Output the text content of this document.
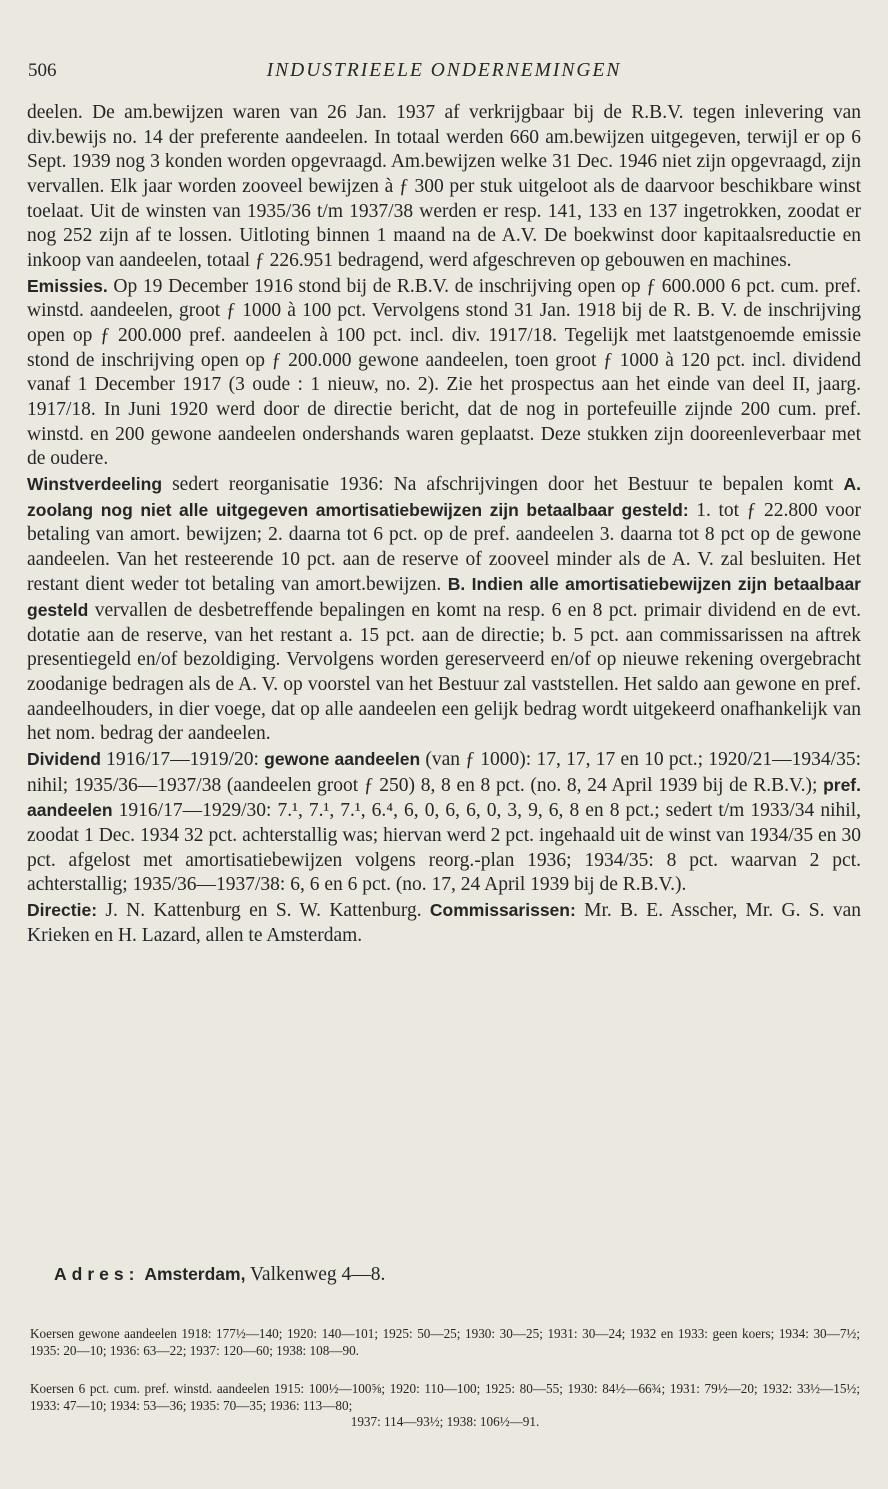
506	INDUSTRIEELE ONDERNEMINGEN

deelen. De am.bewijzen waren van 26 Jan. 1937 af verkrijgbaar bij de R.B.V. tegen inlevering van div.bewijs no. 14 der preferente aandeelen. In totaal werden 660 am.bewijzen uitgegeven, terwijl er op 6 Sept. 1939 nog 3 konden worden opgevraagd. Am.bewijzen welke 31 Dec. 1946 niet zijn opgevraagd, zijn vervallen. Elk jaar worden zooveel bewijzen à ƒ 300 per stuk uitgeloot als de daarvoor beschikbare winst toelaat. Uit de winsten van 1935/36 t/m 1937/38 werden er resp. 141, 133 en 137 ingetrokken, zoodat er nog 252 zijn af te lossen. Uitloting binnen 1 maand na de A.V. De boekwinst door kapitaalsreductie en inkoop van aandeelen, totaal ƒ 226.951 bedragend, werd afgeschreven op gebouwen en machines.

Emissies. Op 19 December 1916 stond bij de R.B.V. de inschrijving open op ƒ 600.000 6 pct. cum. pref. winstd. aandeelen, groot ƒ 1000 à 100 pct. Vervolgens stond 31 Jan. 1918 bij de R. B. V. de inschrijving open op ƒ 200.000 pref. aandeelen à 100 pct. incl. div. 1917/18. Tegelijk met laatstgenoemde emissie stond de inschrijving open op ƒ 200.000 gewone aandeelen, toen groot ƒ 1000 à 120 pct. incl. dividend vanaf 1 December 1917 (3 oude : 1 nieuw, no. 2). Zie het prospectus aan het einde van deel II, jaarg. 1917/18. In Juni 1920 werd door de directie bericht, dat de nog in portefeuille zijnde 200 cum. pref. winstd. en 200 gewone aandeelen ondershands waren geplaatst. Deze stukken zijn dooreenleverbaar met de oudere.

Winstverdeeling sedert reorganisatie 1936: Na afschrijvingen door het Bestuur te bepalen komt A. zoolang nog niet alle uitgegeven amortisatiebewijzen zijn betaalbaar gesteld: 1. tot ƒ 22.800 voor betaling van amort. bewijzen; 2. daarna tot 6 pct. op de pref. aandeelen 3. daarna tot 8 pct op de gewone aandeelen. Van het resteerende 10 pct. aan de reserve of zooveel minder als de A. V. zal besluiten. Het restant dient weder tot betaling van amort.bewijzen. B. Indien alle amortisatiebewijzen zijn betaalbaar gesteld vervallen de desbetreffende bepalingen en komt na resp. 6 en 8 pct. primair dividend en de evt. dotatie aan de reserve, van het restant a. 15 pct. aan de directie; b. 5 pct. aan commissarissen na aftrek presentiegeld en/of bezoldiging. Vervolgens worden gereserveerd en/of op nieuwe rekening overgebracht zoodanige bedragen als de A. V. op voorstel van het Bestuur zal vaststellen. Het saldo aan gewone en pref. aandeelhouders, in dier voege, dat op alle aandeelen een gelijk bedrag wordt uitgekeerd onafhankelijk van het nom. bedrag der aandeelen.

Dividend 1916/17—1919/20: gewone aandeelen (van ƒ 1000): 17, 17, 17 en 10 pct.; 1920/21—1934/35: nihil; 1935/36—1937/38 (aandeelen groot ƒ 250) 8, 8 en 8 pct. (no. 8, 24 April 1939 bij de R.B.V.); pref. aandeelen 1916/17—1929/30: 7.¹, 7.¹, 7.¹, 6.⁴, 6, 0, 6, 6, 0, 3, 9, 6, 8 en 8 pct.; sedert t/m 1933/34 nihil, zoodat 1 Dec. 1934 32 pct. achterstallig was; hiervan werd 2 pct. ingehaald uit de winst van 1934/35 en 30 pct. afgelost met amortisatiebewijzen volgens reorg.-plan 1936; 1934/35: 8 pct. waarvan 2 pct. achterstallig; 1935/36—1937/38: 6, 6 en 6 pct. (no. 17, 24 April 1939 bij de R.B.V.).

Directie: J. N. Kattenburg en S. W. Kattenburg. Commissarissen: Mr. B. E. Asscher, Mr. G. S. van Krieken en H. Lazard, allen te Amsterdam.

Adres: Amsterdam, Valkenweg 4—8.
Koersen gewone aandeelen 1918: 177½—140; 1920: 140—101; 1925: 50—25; 1930: 30—25; 1931: 30—24; 1932 en 1933: geen koers; 1934: 30—7½; 1935: 20—10; 1936: 63—22; 1937: 120—60; 1938: 108—90.
Koersen 6 pct. cum. pref. winstd. aandeelen 1915: 100½—100⅝; 1920: 110—100; 1925: 80—55; 1930: 84½—66¾; 1931: 79½—20; 1932: 33½—15½; 1933: 47—10; 1934: 53—36; 1935: 70—35; 1936: 113—80;
1937: 114—93½; 1938: 106½—91.
